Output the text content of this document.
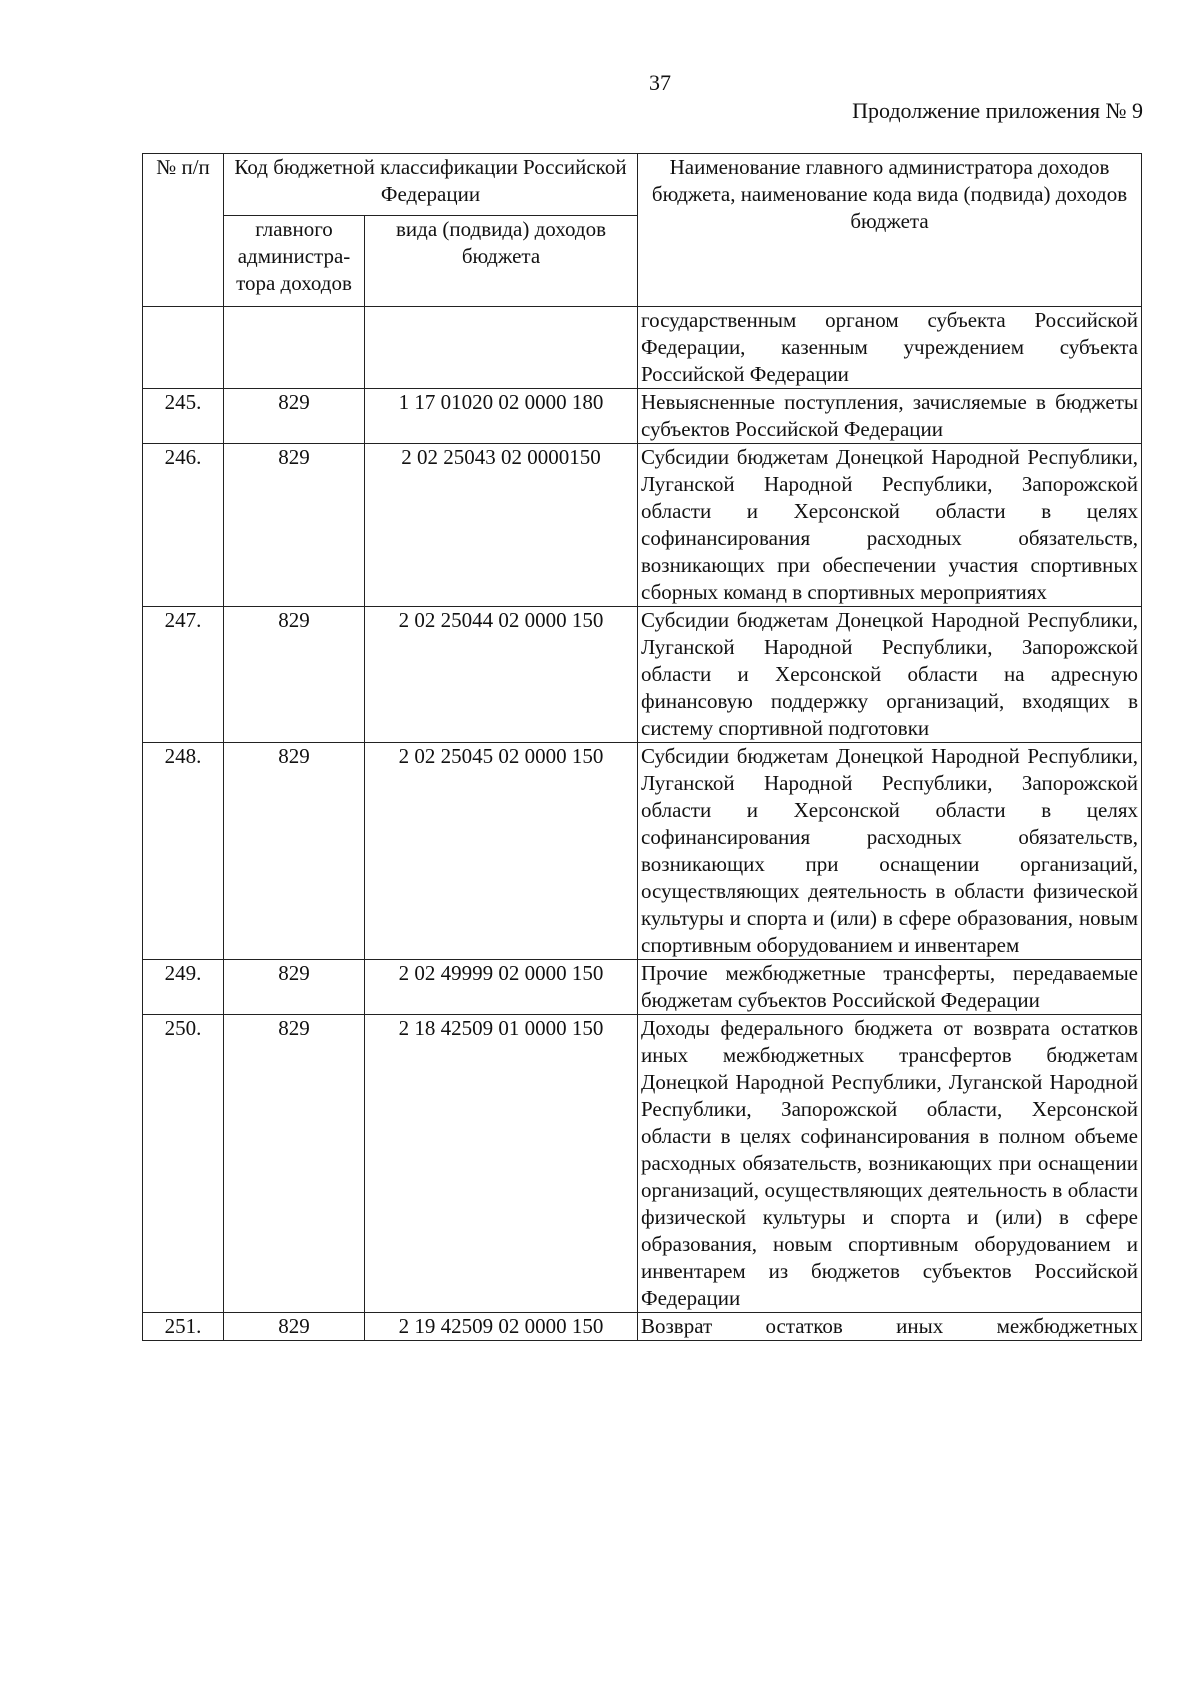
37
Продолжение приложения № 9
№ п/п	Код бюджетной классификации Российской Федерации		Наименование главного администратора доходов бюджета, наименование кода вида (подвида) доходов бюджета
	главного администра-тора доходов	вида (подвида) доходов бюджета	
			государственным органом субъекта Российской Федерации, казенным учреждением субъекта Российской Федерации
245.	829	1 17 01020 02 0000 180	Невыясненные поступления, зачисляемые в бюджеты субъектов Российской Федерации
246.	829	2 02 25043 02 0000150	Субсидии бюджетам Донецкой Народной Республики, Луганской Народной Республики, Запорожской области и Херсонской области в целях софинансирования расходных обязательств, возникающих при обеспечении участия спортивных сборных команд в спортивных мероприятиях
247.	829	2 02 25044 02 0000 150	Субсидии бюджетам Донецкой Народной Республики, Луганской Народной Республики, Запорожской области и Херсонской области на адресную финансовую поддержку организаций, входящих в систему спортивной подготовки
248.	829	2 02 25045 02 0000 150	Субсидии бюджетам Донецкой Народной Республики, Луганской Народной Республики, Запорожской области и Херсонской области в целях софинансирования расходных обязательств, возникающих при оснащении организаций, осуществляющих деятельность в области физической культуры и спорта и (или) в сфере образования, новым спортивным оборудованием и инвентарем
249.	829	2 02 49999 02 0000 150	Прочие межбюджетные трансферты, передаваемые бюджетам субъектов Российской Федерации
250.	829	2 18 42509 01 0000 150	Доходы федерального бюджета от возврата остатков иных межбюджетных трансфертов бюджетам Донецкой Народной Республики, Луганской Народной Республики, Запорожской области, Херсонской области в целях софинансирования в полном объеме расходных обязательств, возникающих при оснащении организаций, осуществляющих деятельность в области физической культуры и спорта и (или) в сфере образования, новым спортивным оборудованием и инвентарем из бюджетов субъектов Российской Федерации
251.	829	2 19 42509 02 0000 150	Возврат остатков иных межбюджетных
